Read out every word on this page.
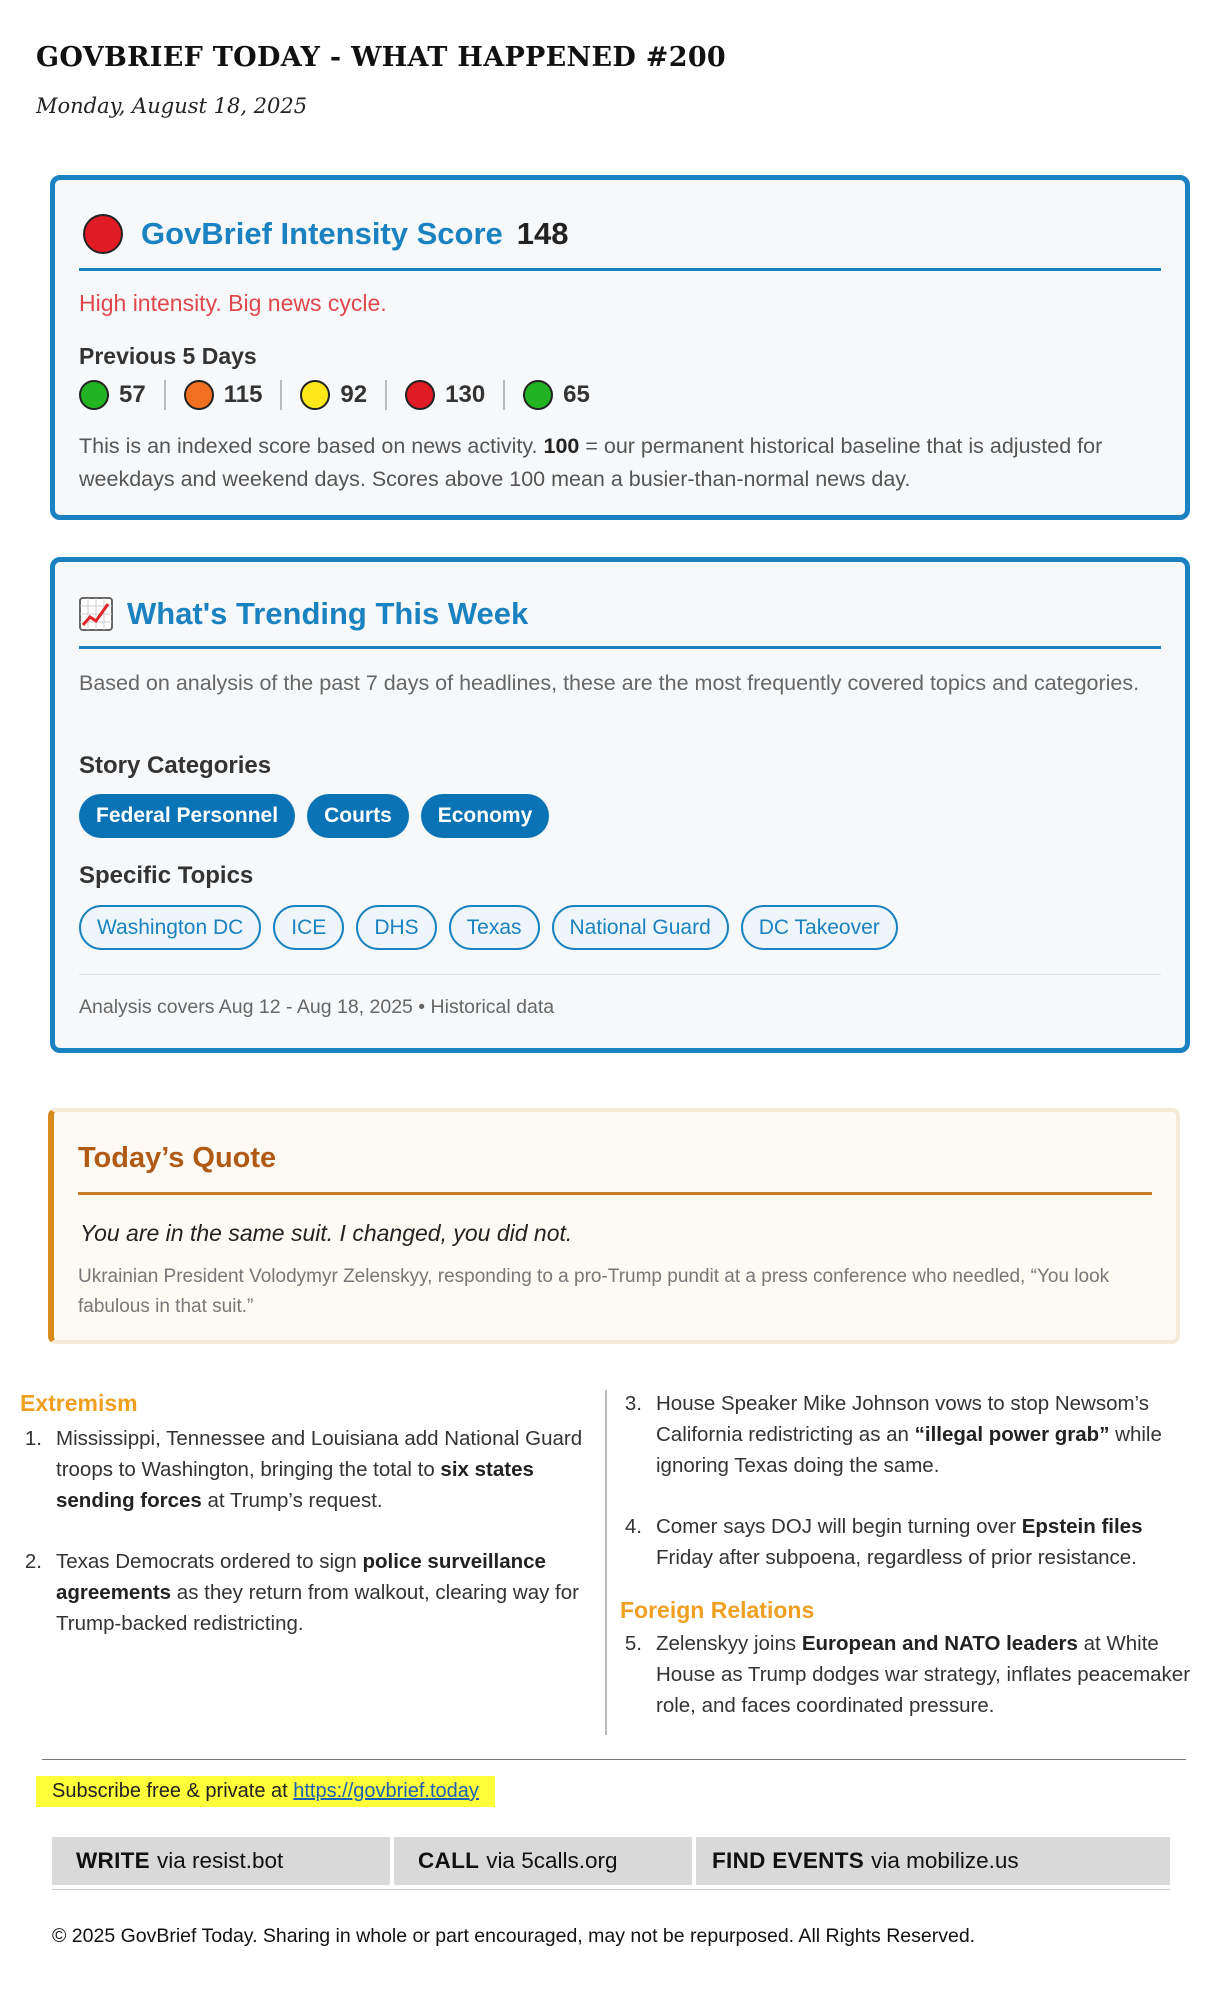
GOVBRIEF TODAY - WHAT HAPPENED #200
Monday, August 18, 2025
GovBrief Intensity Score 148
High intensity. Big news cycle.
Previous 5 Days
57	115	92	130	65
This is an indexed score based on news activity. 100 = our permanent historical baseline that is adjusted for weekdays and weekend days. Scores above 100 mean a busier-than-normal news day.
What's Trending This Week
Based on analysis of the past 7 days of headlines, these are the most frequently covered topics and categories.
Story Categories
Federal Personnel	Courts	Economy
Specific Topics
Washington DC	ICE	DHS	Texas	National Guard	DC Takeover
Analysis covers Aug 12 - Aug 18, 2025 • Historical data
Today’s Quote
You are in the same suit. I changed, you did not.
Ukrainian President Volodymyr Zelenskyy, responding to a pro-Trump pundit at a press conference who needled, “You look fabulous in that suit.”
Extremism
1. Mississippi, Tennessee and Louisiana add National Guard troops to Washington, bringing the total to six states sending forces at Trump’s request.
2. Texas Democrats ordered to sign police surveillance agreements as they return from walkout, clearing way for Trump-backed redistricting.
3. House Speaker Mike Johnson vows to stop Newsom’s California redistricting as an “illegal power grab” while ignoring Texas doing the same.
4. Comer says DOJ will begin turning over Epstein files Friday after subpoena, regardless of prior resistance.
Foreign Relations
5. Zelenskyy joins European and NATO leaders at White House as Trump dodges war strategy, inflates peacemaker role, and faces coordinated pressure.
Subscribe free & private at https://govbrief.today
WRITE via resist.bot	CALL via 5calls.org	FIND EVENTS via mobilize.us
© 2025 GovBrief Today. Sharing in whole or part encouraged, may not be repurposed. All Rights Reserved.
